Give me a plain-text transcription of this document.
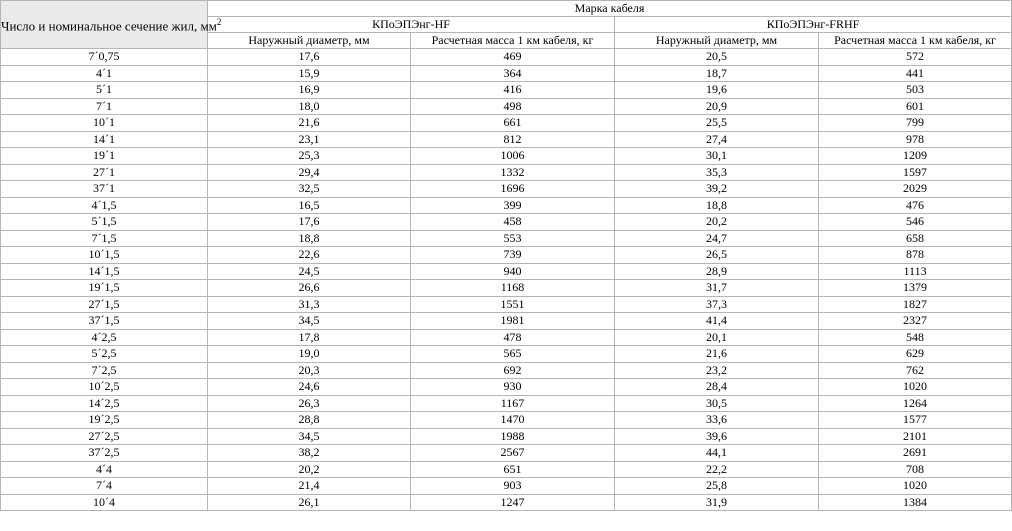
Число и номинальное сечение жил, $мм^2$	Марка кабеля			
	КПоЭПЭнг-HF		КПоЭПЭнг-FRHF	
	Наружный диаметр, мм	Расчетная масса 1 км кабеля, кг	Наружный диаметр, мм	Расчетная масса 1 км кабеля, кг
7´0,75	17,6	469	20,5	572
4´1	15,9	364	18,7	441
5´1	16,9	416	19,6	503
7´1	18,0	498	20,9	601
10´1	21,6	661	25,5	799
14´1	23,1	812	27,4	978
19´1	25,3	1006	30,1	1209
27´1	29,4	1332	35,3	1597
37´1	32,5	1696	39,2	2029
4´1,5	16,5	399	18,8	476
5´1,5	17,6	458	20,2	546
7´1,5	18,8	553	24,7	658
10´1,5	22,6	739	26,5	878
14´1,5	24,5	940	28,9	1113
19´1,5	26,6	1168	31,7	1379
27´1,5	31,3	1551	37,3	1827
37´1,5	34,5	1981	41,4	2327
4´2,5	17,8	478	20,1	548
5´2,5	19,0	565	21,6	629
7´2,5	20,3	692	23,2	762
10´2,5	24,6	930	28,4	1020
14´2,5	26,3	1167	30,5	1264
19´2,5	28,8	1470	33,6	1577
27´2,5	34,5	1988	39,6	2101
37´2,5	38,2	2567	44,1	2691
4´4	20,2	651	22,2	708
7´4	21,4	903	25,8	1020
10´4	26,1	1247	31,9	1384
